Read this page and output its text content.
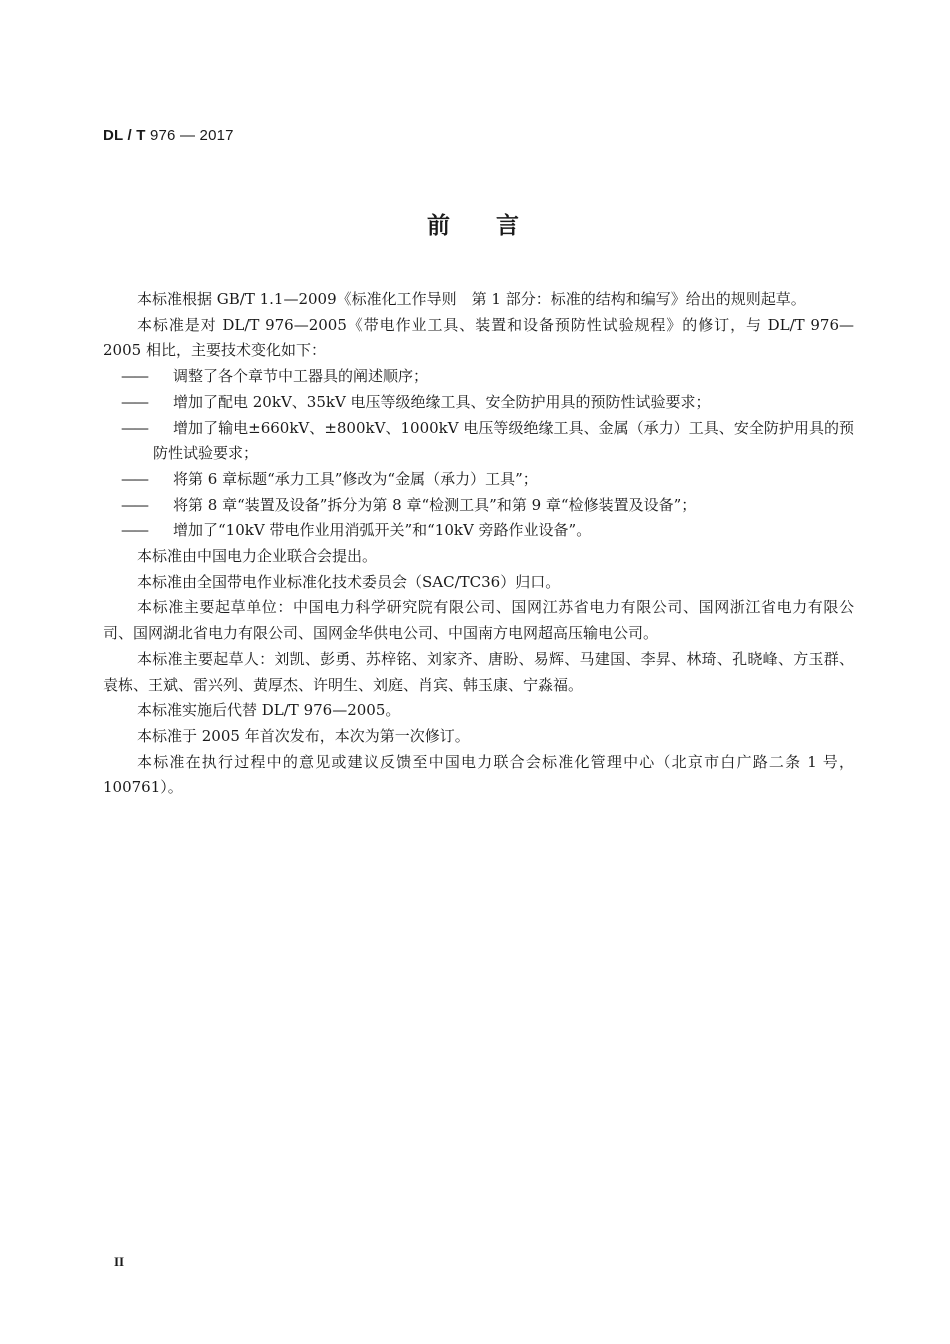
DL / T 976 — 2017
前言

本标准根据 GB/T 1.1—2009《标准化工作导则　第 1 部分：标准的结构和编写》给出的规则起草。

本标准是对 DL/T 976—2005《带电作业工具、装置和设备预防性试验规程》的修订，与 DL/T 976—2005 相比，主要技术变化如下：

—— 调整了各个章节中工器具的阐述顺序；

—— 增加了配电 20kV、35kV 电压等级绝缘工具、安全防护用具的预防性试验要求；

—— 增加了输电±660kV、±800kV、1000kV 电压等级绝缘工具、金属（承力）工具、安全防护用具的预防性试验要求；

—— 将第 6 章标题“承力工具”修改为“金属（承力）工具”；

—— 将第 8 章“装置及设备”拆分为第 8 章“检测工具”和第 9 章“检修装置及设备”；

—— 增加了“10kV 带电作业用消弧开关”和“10kV 旁路作业设备”。

本标准由中国电力企业联合会提出。

本标准由全国带电作业标准化技术委员会（SAC/TC36）归口。

本标准主要起草单位：中国电力科学研究院有限公司、国网江苏省电力有限公司、国网浙江省电力有限公司、国网湖北省电力有限公司、国网金华供电公司、中国南方电网超高压输电公司。

本标准主要起草人：刘凯、彭勇、苏梓铭、刘家齐、唐盼、易辉、马建国、李昇、林琦、孔晓峰、方玉群、袁栋、王斌、雷兴列、黄厚杰、许明生、刘庭、肖宾、韩玉康、宁淼福。

本标准实施后代替 DL/T 976—2005。

本标准于 2005 年首次发布，本次为第一次修订。

本标准在执行过程中的意见或建议反馈至中国电力联合会标准化管理中心（北京市白广路二条 1 号，100761）。

II
